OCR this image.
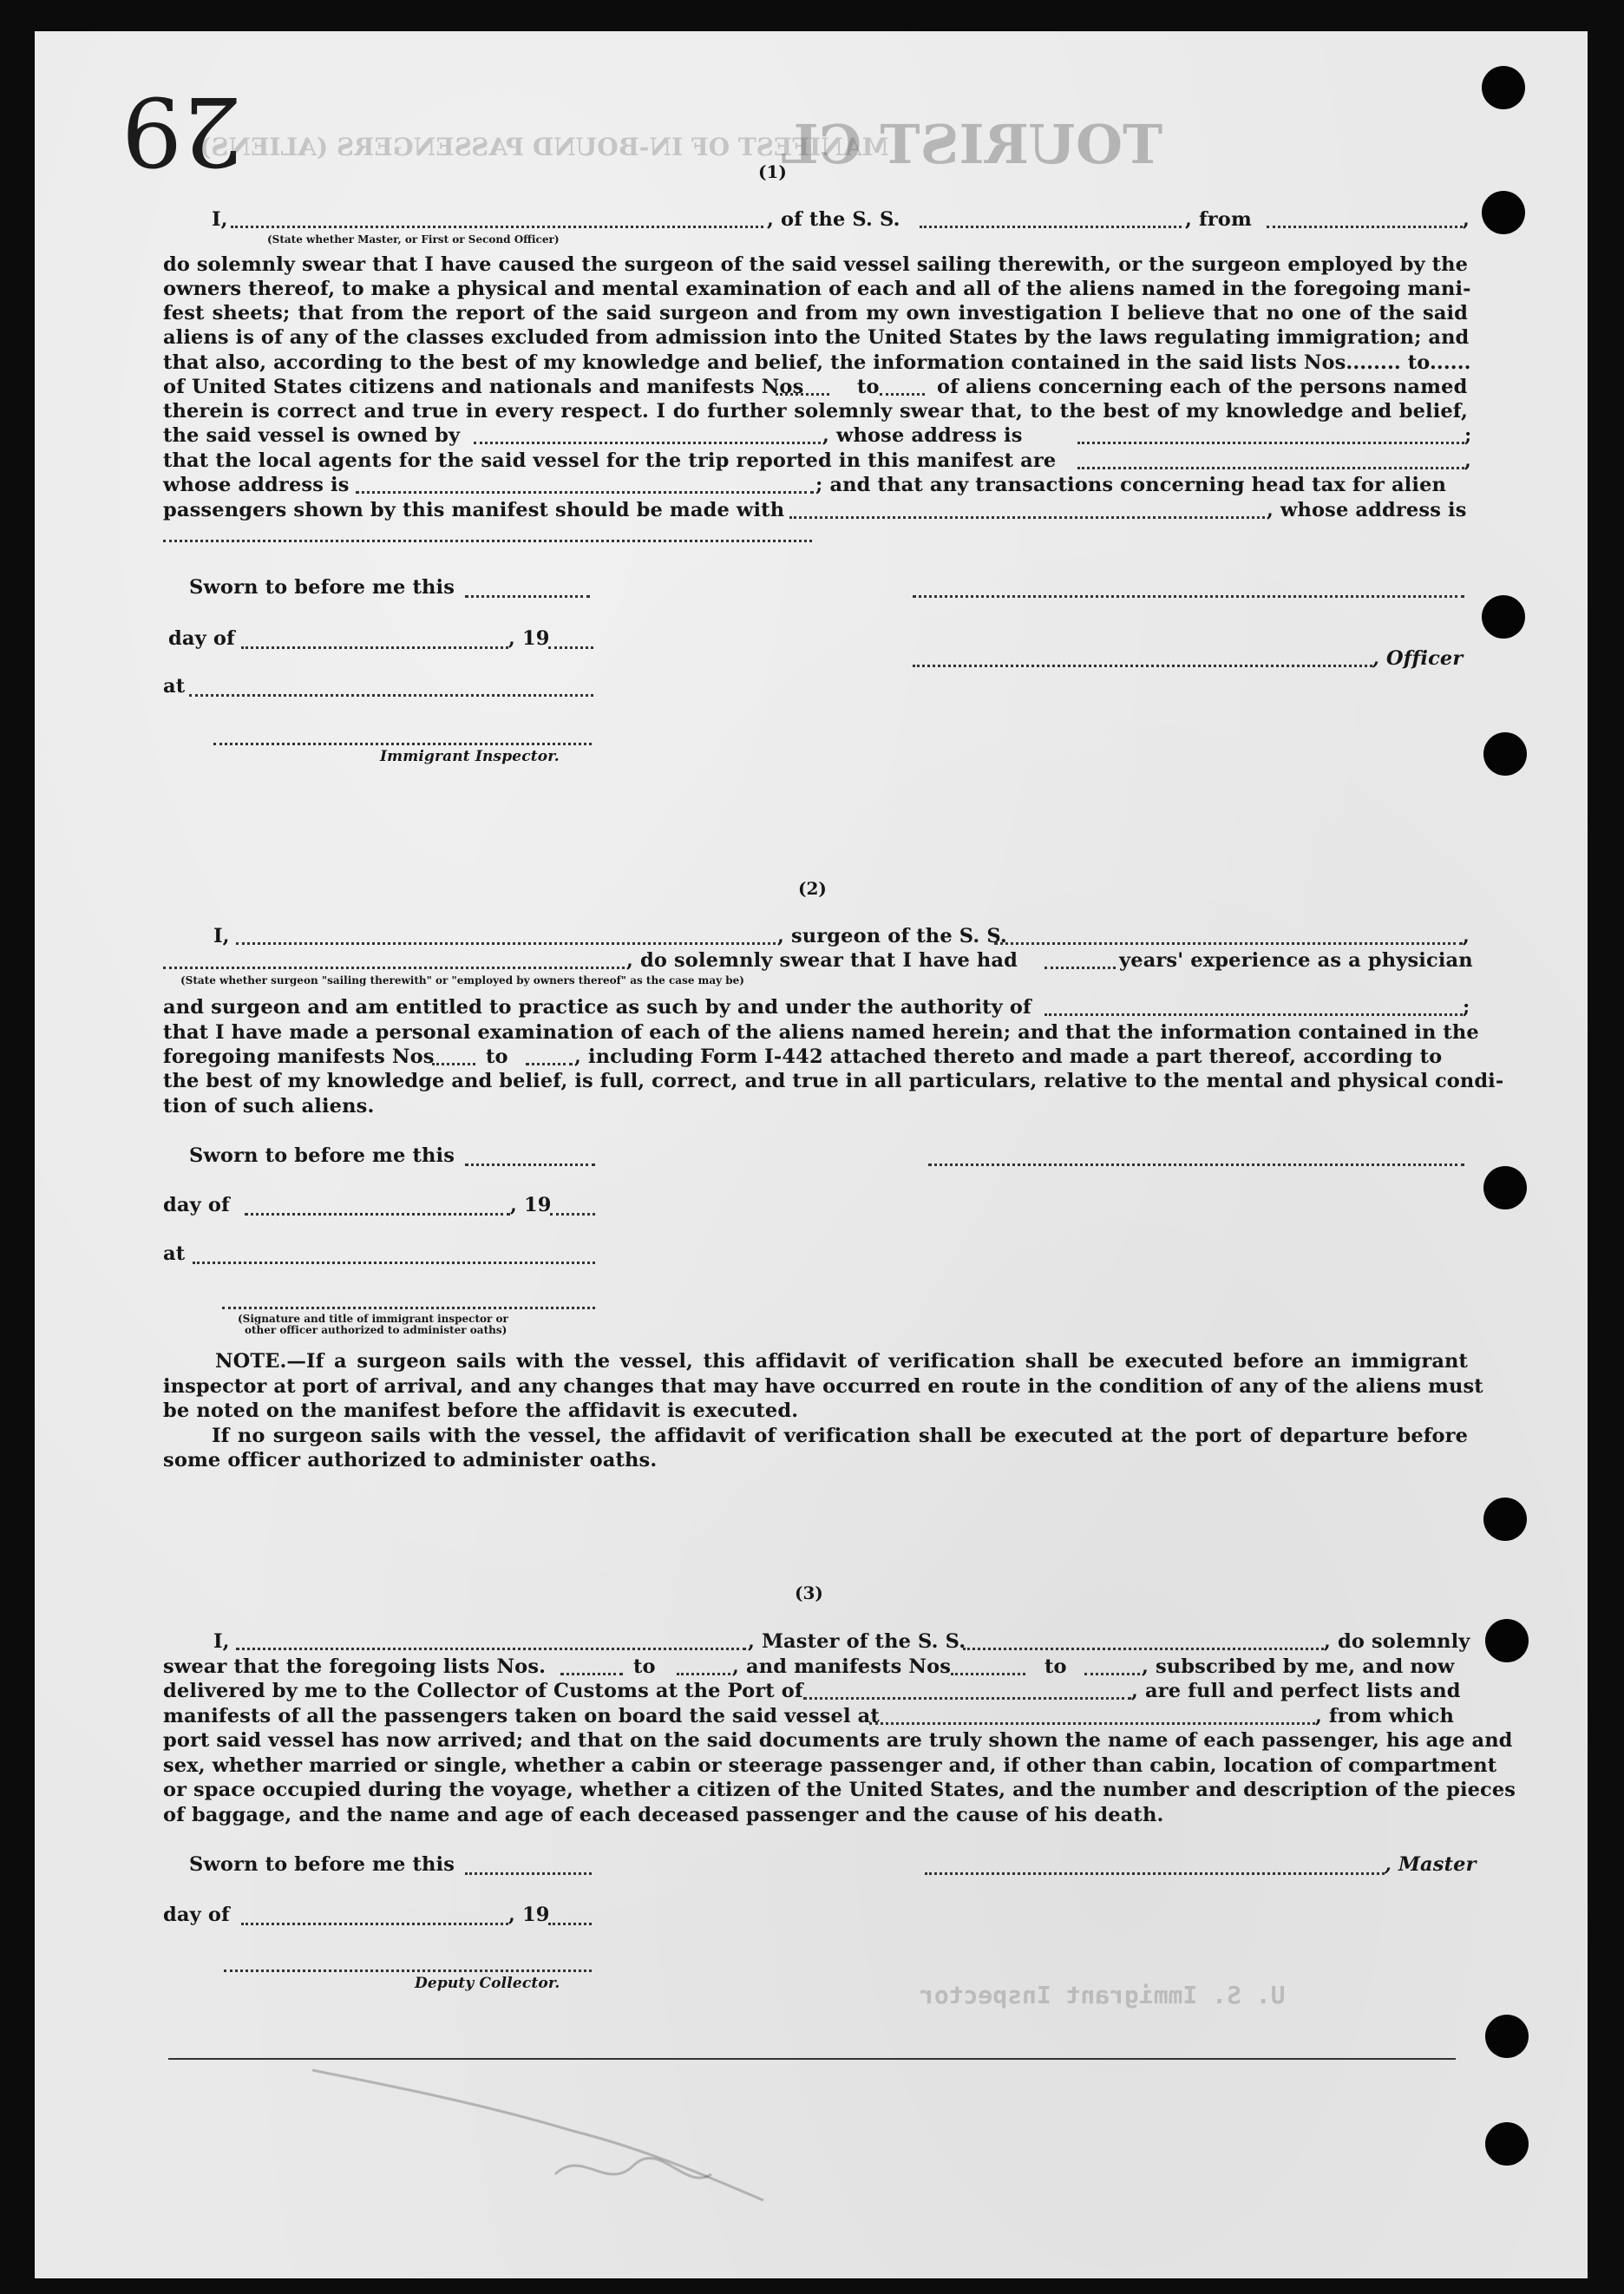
29	TOURIST CL
MANIFEST OF IN-BOUND PASSENGERS (ALIENS)
U. S. Immigrant Inspector
(1)
I,	, of the S. S.	, from	,
(State whether Master, or First or Second Officer)
do solemnly swear that I have caused the surgeon of the said vessel sailing therewith, or the surgeon employed by the
owners thereof, to make a physical and mental examination of each and all of the aliens named in the foregoing mani-
fest sheets; that from the report of the said surgeon and from my own investigation I believe that no one of the said
aliens is of any of the classes excluded from admission into the United States by the laws regulating immigration; and
that also, according to the best of my knowledge and belief, the information contained in the said lists Nos........ to......
of United States citizens and nationals and manifests Nos	to	of aliens concerning each of the persons named
therein is correct and true in every respect. I do further solemnly swear that, to the best of my knowledge and belief,
the said vessel is owned by	, whose address is	;
that the local agents for the said vessel for the trip reported in this manifest are	,
whose address is	; and that any transactions concerning head tax for alien
passengers shown by this manifest should be made with	, whose address is
Sworn to before me this
day of	, 19
, Officer
at
Immigrant Inspector.
(2)
I,	, surgeon of the S. S.	,
, do solemnly swear that I have had	years' experience as a physician
(State whether surgeon "sailing therewith" or "employed by owners thereof" as the case may be)
and surgeon and am entitled to practice as such by and under the authority of	;
that I have made a personal examination of each of the aliens named herein; and that the information contained in the
foregoing manifests Nos	to	, including Form I-442 attached thereto and made a part thereof, according to
the best of my knowledge and belief, is full, correct, and true in all particulars, relative to the mental and physical condi-
tion of such aliens.
Sworn to before me this
day of	, 19
at
(Signature and title of immigrant inspector or
other officer authorized to administer oaths)
NOTE.—If a surgeon sails with the vessel, this affidavit of verification shall be executed before an immigrant
inspector at port of arrival, and any changes that may have occurred en route in the condition of any of the aliens must
be noted on the manifest before the affidavit is executed.
If no surgeon sails with the vessel, the affidavit of verification shall be executed at the port of departure before
some officer authorized to administer oaths.
(3)
I,	, Master of the S. S.	, do solemnly
swear that the foregoing lists Nos.	to	, and manifests Nos	to	, subscribed by me, and now
delivered by me to the Collector of Customs at the Port of	, are full and perfect lists and
manifests of all the passengers taken on board the said vessel at	, from which
port said vessel has now arrived; and that on the said documents are truly shown the name of each passenger, his age and
sex, whether married or single, whether a cabin or steerage passenger and, if other than cabin, location of compartment
or space occupied during the voyage, whether a citizen of the United States, and the number and description of the pieces
of baggage, and the name and age of each deceased passenger and the cause of his death.
Sworn to before me this	, Master
day of	, 19
Deputy Collector.
